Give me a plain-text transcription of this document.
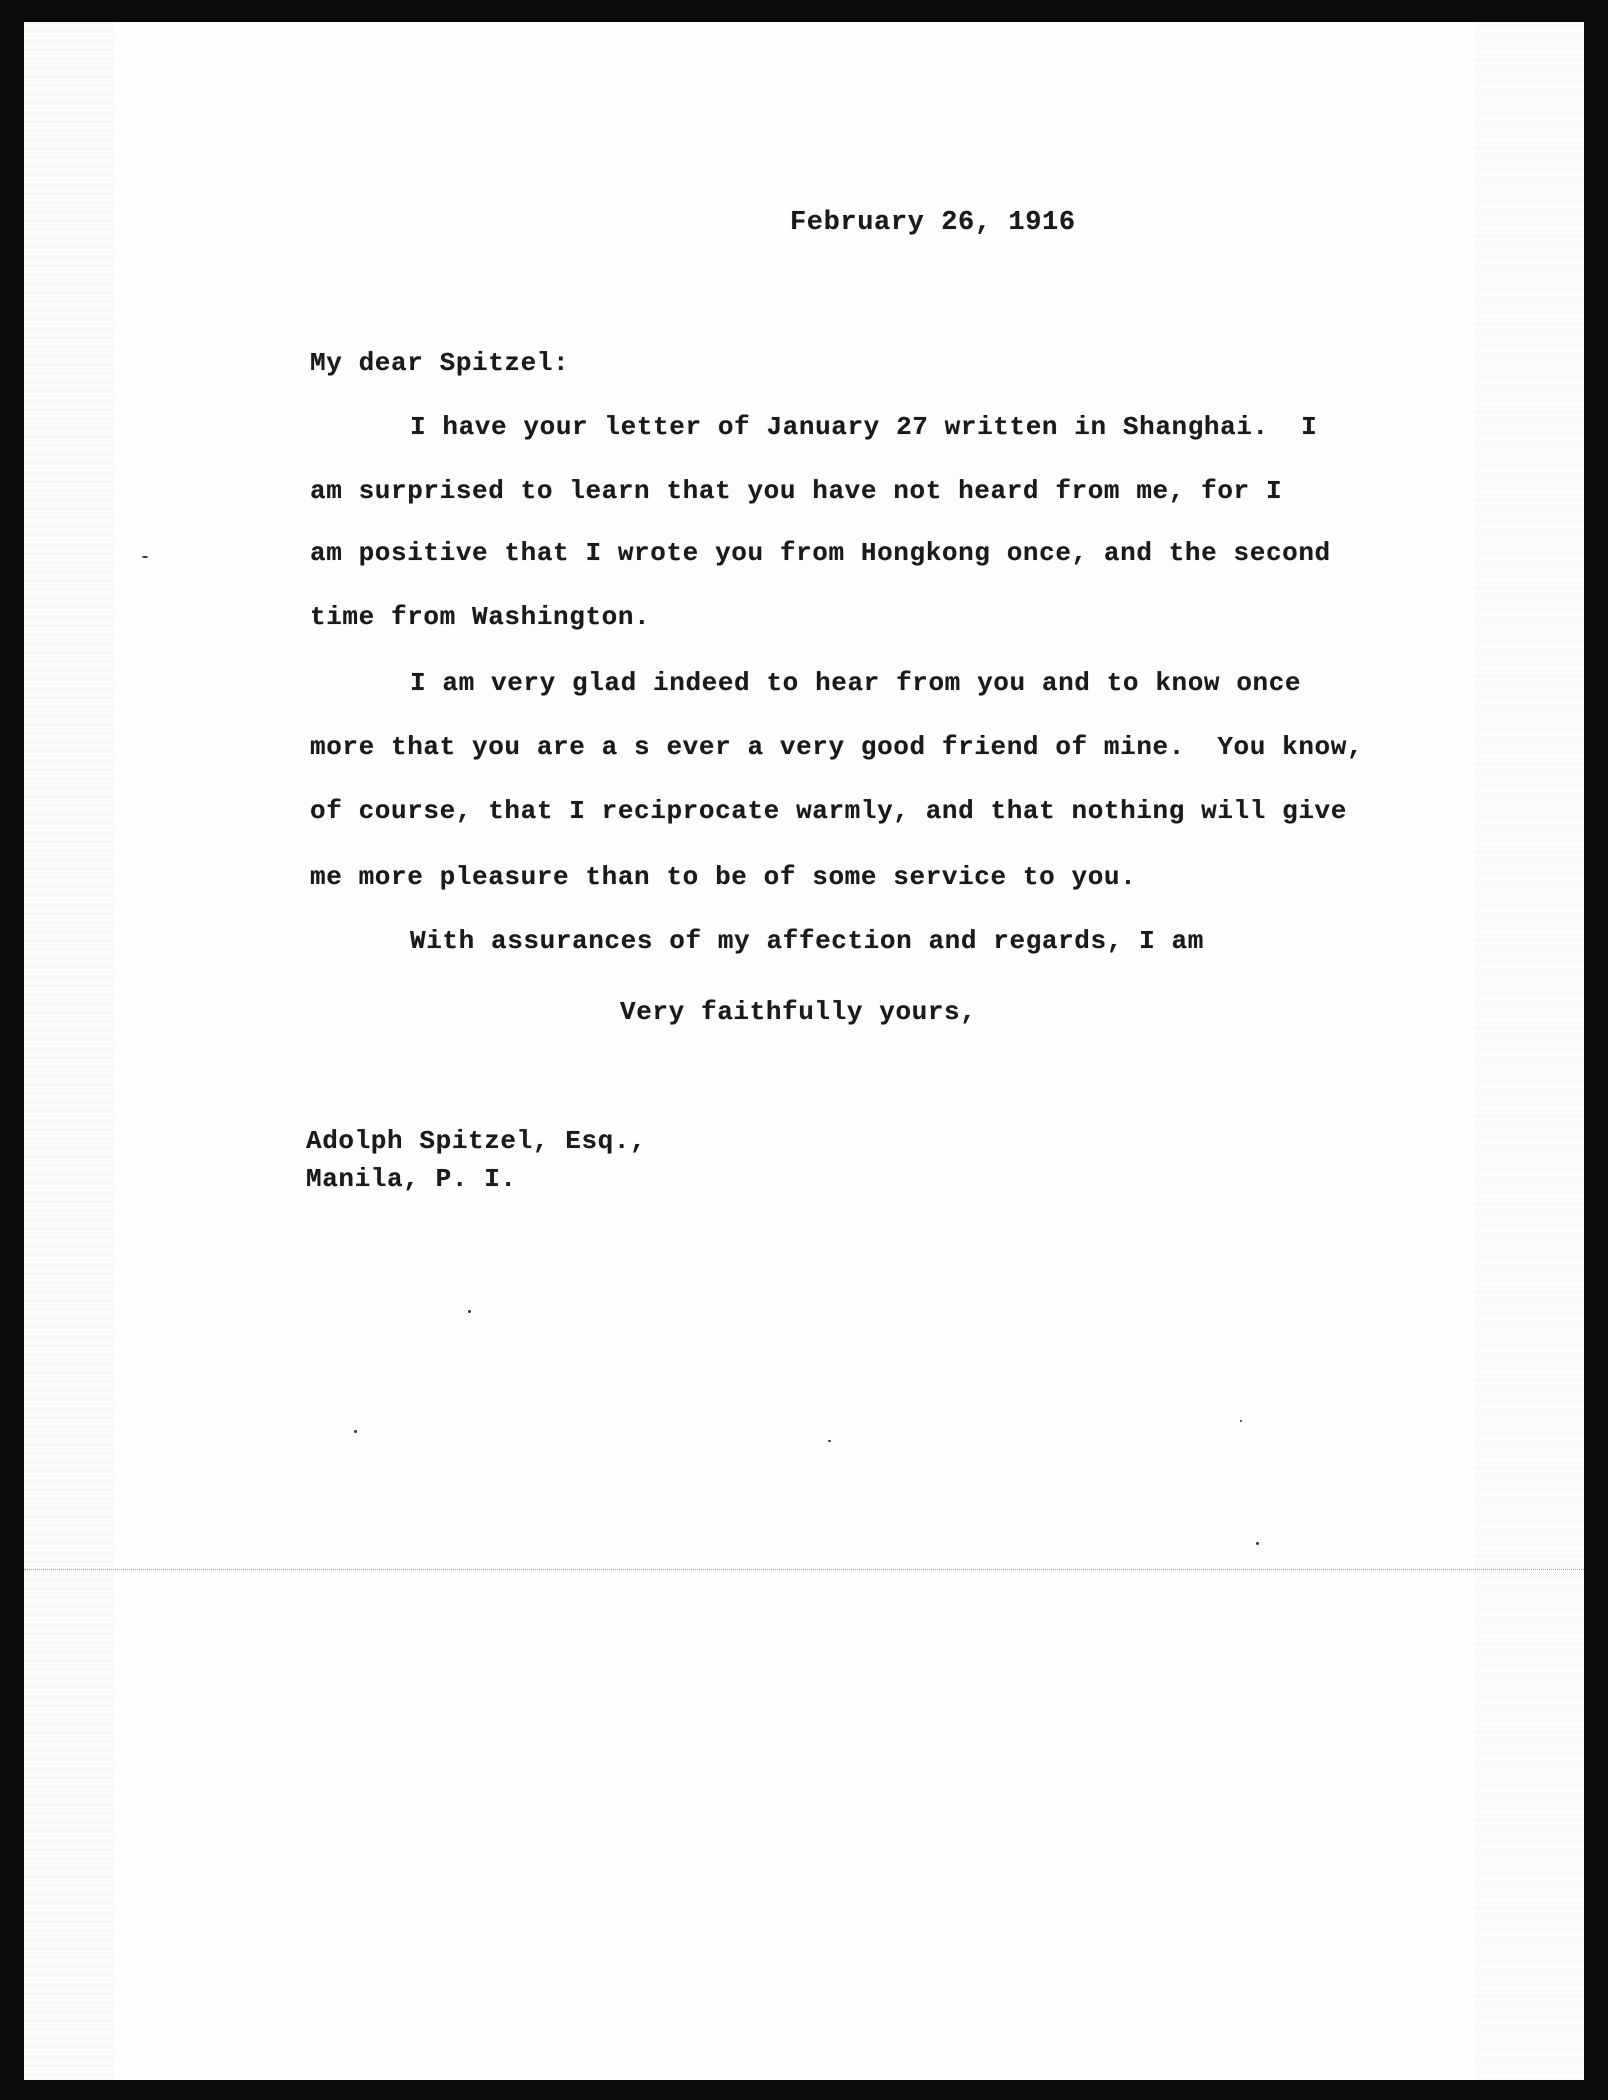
February 26, 1916
My dear Spitzel:
I have your letter of January 27 written in Shanghai.  I
am surprised to learn that you have not heard from me, for I
am positive that I wrote you from Hongkong once, and the second
time from Washington.
I am very glad indeed to hear from you and to know once
more that you are a s ever a very good friend of mine.  You know,
of course, that I reciprocate warmly, and that nothing will give
me more pleasure than to be of some service to you.
With assurances of my affection and regards, I am
Very faithfully yours,
Adolph Spitzel, Esq.,
Manila, P. I.
